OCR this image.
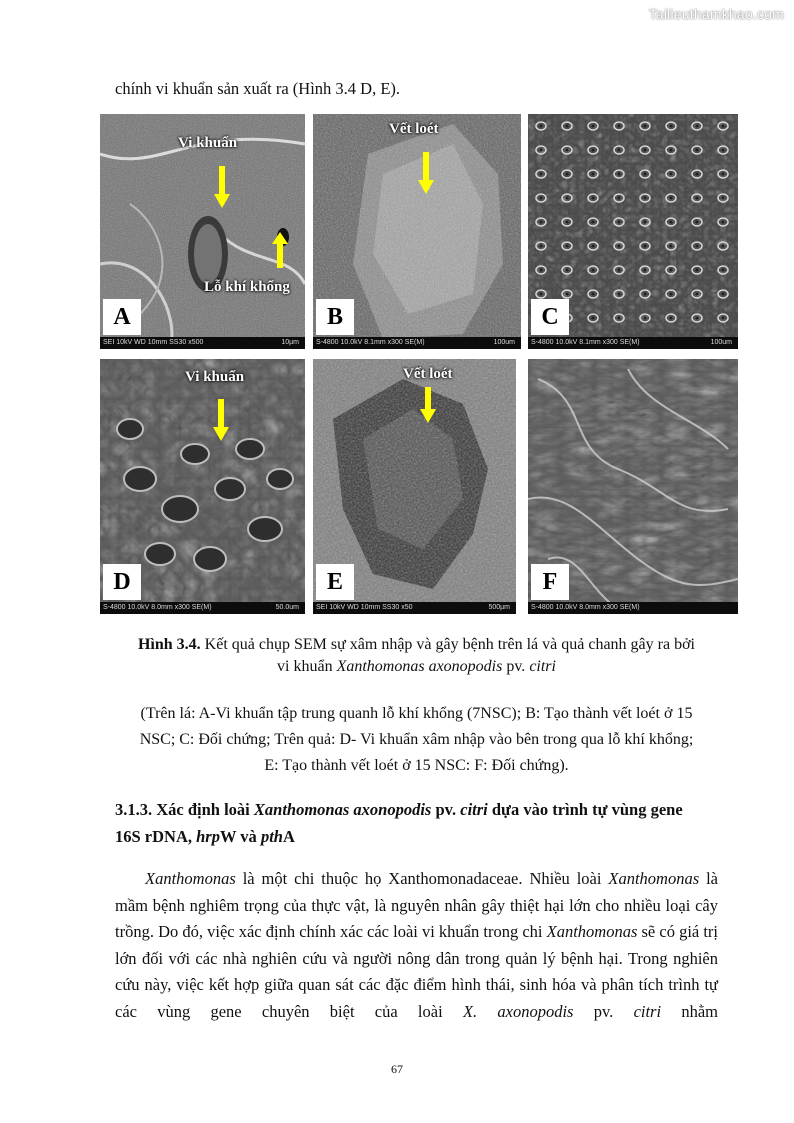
Tailieuthamkhao.com
chính vi khuẩn sản xuất ra (Hình 3.4 D, E).
Vi khuẩn
Lỗ khí khổng
A
SEI 10kV WD 10mm SS30 x500	10µm
Vết loét
B
S-4800 10.0kV 8.1mm x300 SE(M)	100um
C
S-4800 10.0kV 8.1mm x300 SE(M)	100um
Vi khuẩn
D
S-4800 10.0kV 8.0mm x300 SE(M)	50.0um
Vết loét
E
SEI 10kV WD 10mm SS30 x50	500µm
F
S-4800 10.0kV 8.0mm x300 SE(M)
Hình 3.4. Kết quả chụp SEM sự xâm nhập và gây bệnh trên lá và quả chanh gây ra bởi
vi khuẩn Xanthomonas axonopodis pv. citri
(Trên lá: A-Vi khuẩn tập trung quanh lỗ khí khổng (7NSC); B: Tạo thành vết loét ở 15
NSC; C: Đối chứng; Trên quả: D- Vi khuẩn xâm nhập vào bên trong qua lỗ khí khổng;
E: Tạo thành vết loét ở 15 NSC: F: Đối chứng).
3.1.3. Xác định loài Xanthomonas axonopodis pv. citri dựa vào trình tự vùng gene
16S rDNA, hrpW và pthA

Xanthomonas là một chi thuộc họ Xanthomonadaceae. Nhiều loài Xanthomonas là mầm bệnh nghiêm trọng của thực vật, là nguyên nhân gây thiệt hại lớn cho nhiều loại cây trồng. Do đó, việc xác định chính xác các loài vi khuẩn trong chi Xanthomonas sẽ có giá trị lớn đối với các nhà nghiên cứu và người nông dân trong quản lý bệnh hại. Trong nghiên cứu này, việc kết hợp giữa quan sát các đặc điểm hình thái, sinh hóa và phân tích trình tự các vùng gene chuyên biệt của loài X. axonopodis pv. citri nhằm

67
